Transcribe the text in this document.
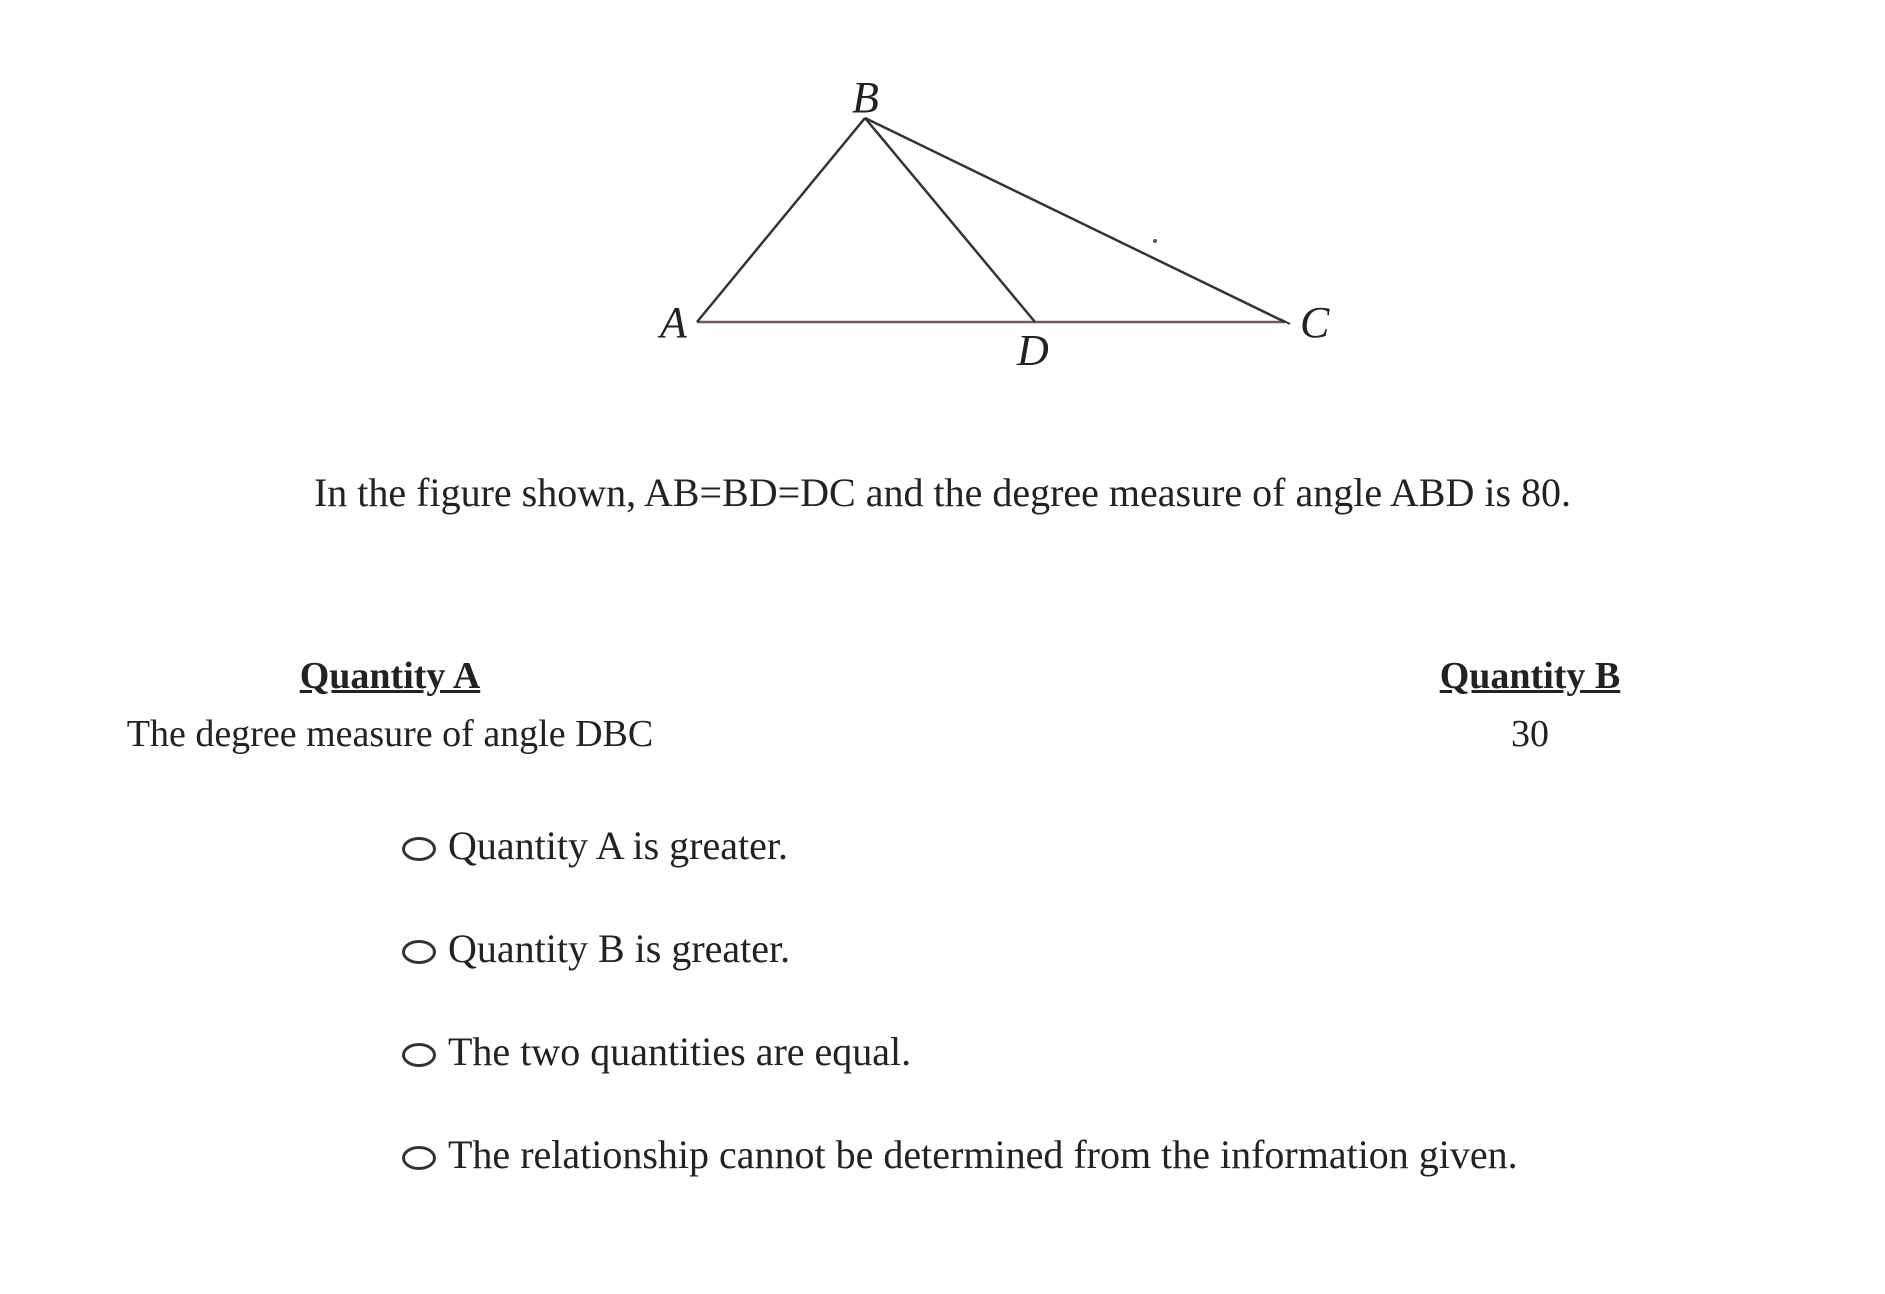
B
A	C
D
In the figure shown, AB=BD=DC and the degree measure of angle ABD is 80.
Quantity A
The degree measure of angle DBC
Quantity B
30
Quantity A is greater.
Quantity B is greater.
The two quantities are equal.
The relationship cannot be determined from the information given.
